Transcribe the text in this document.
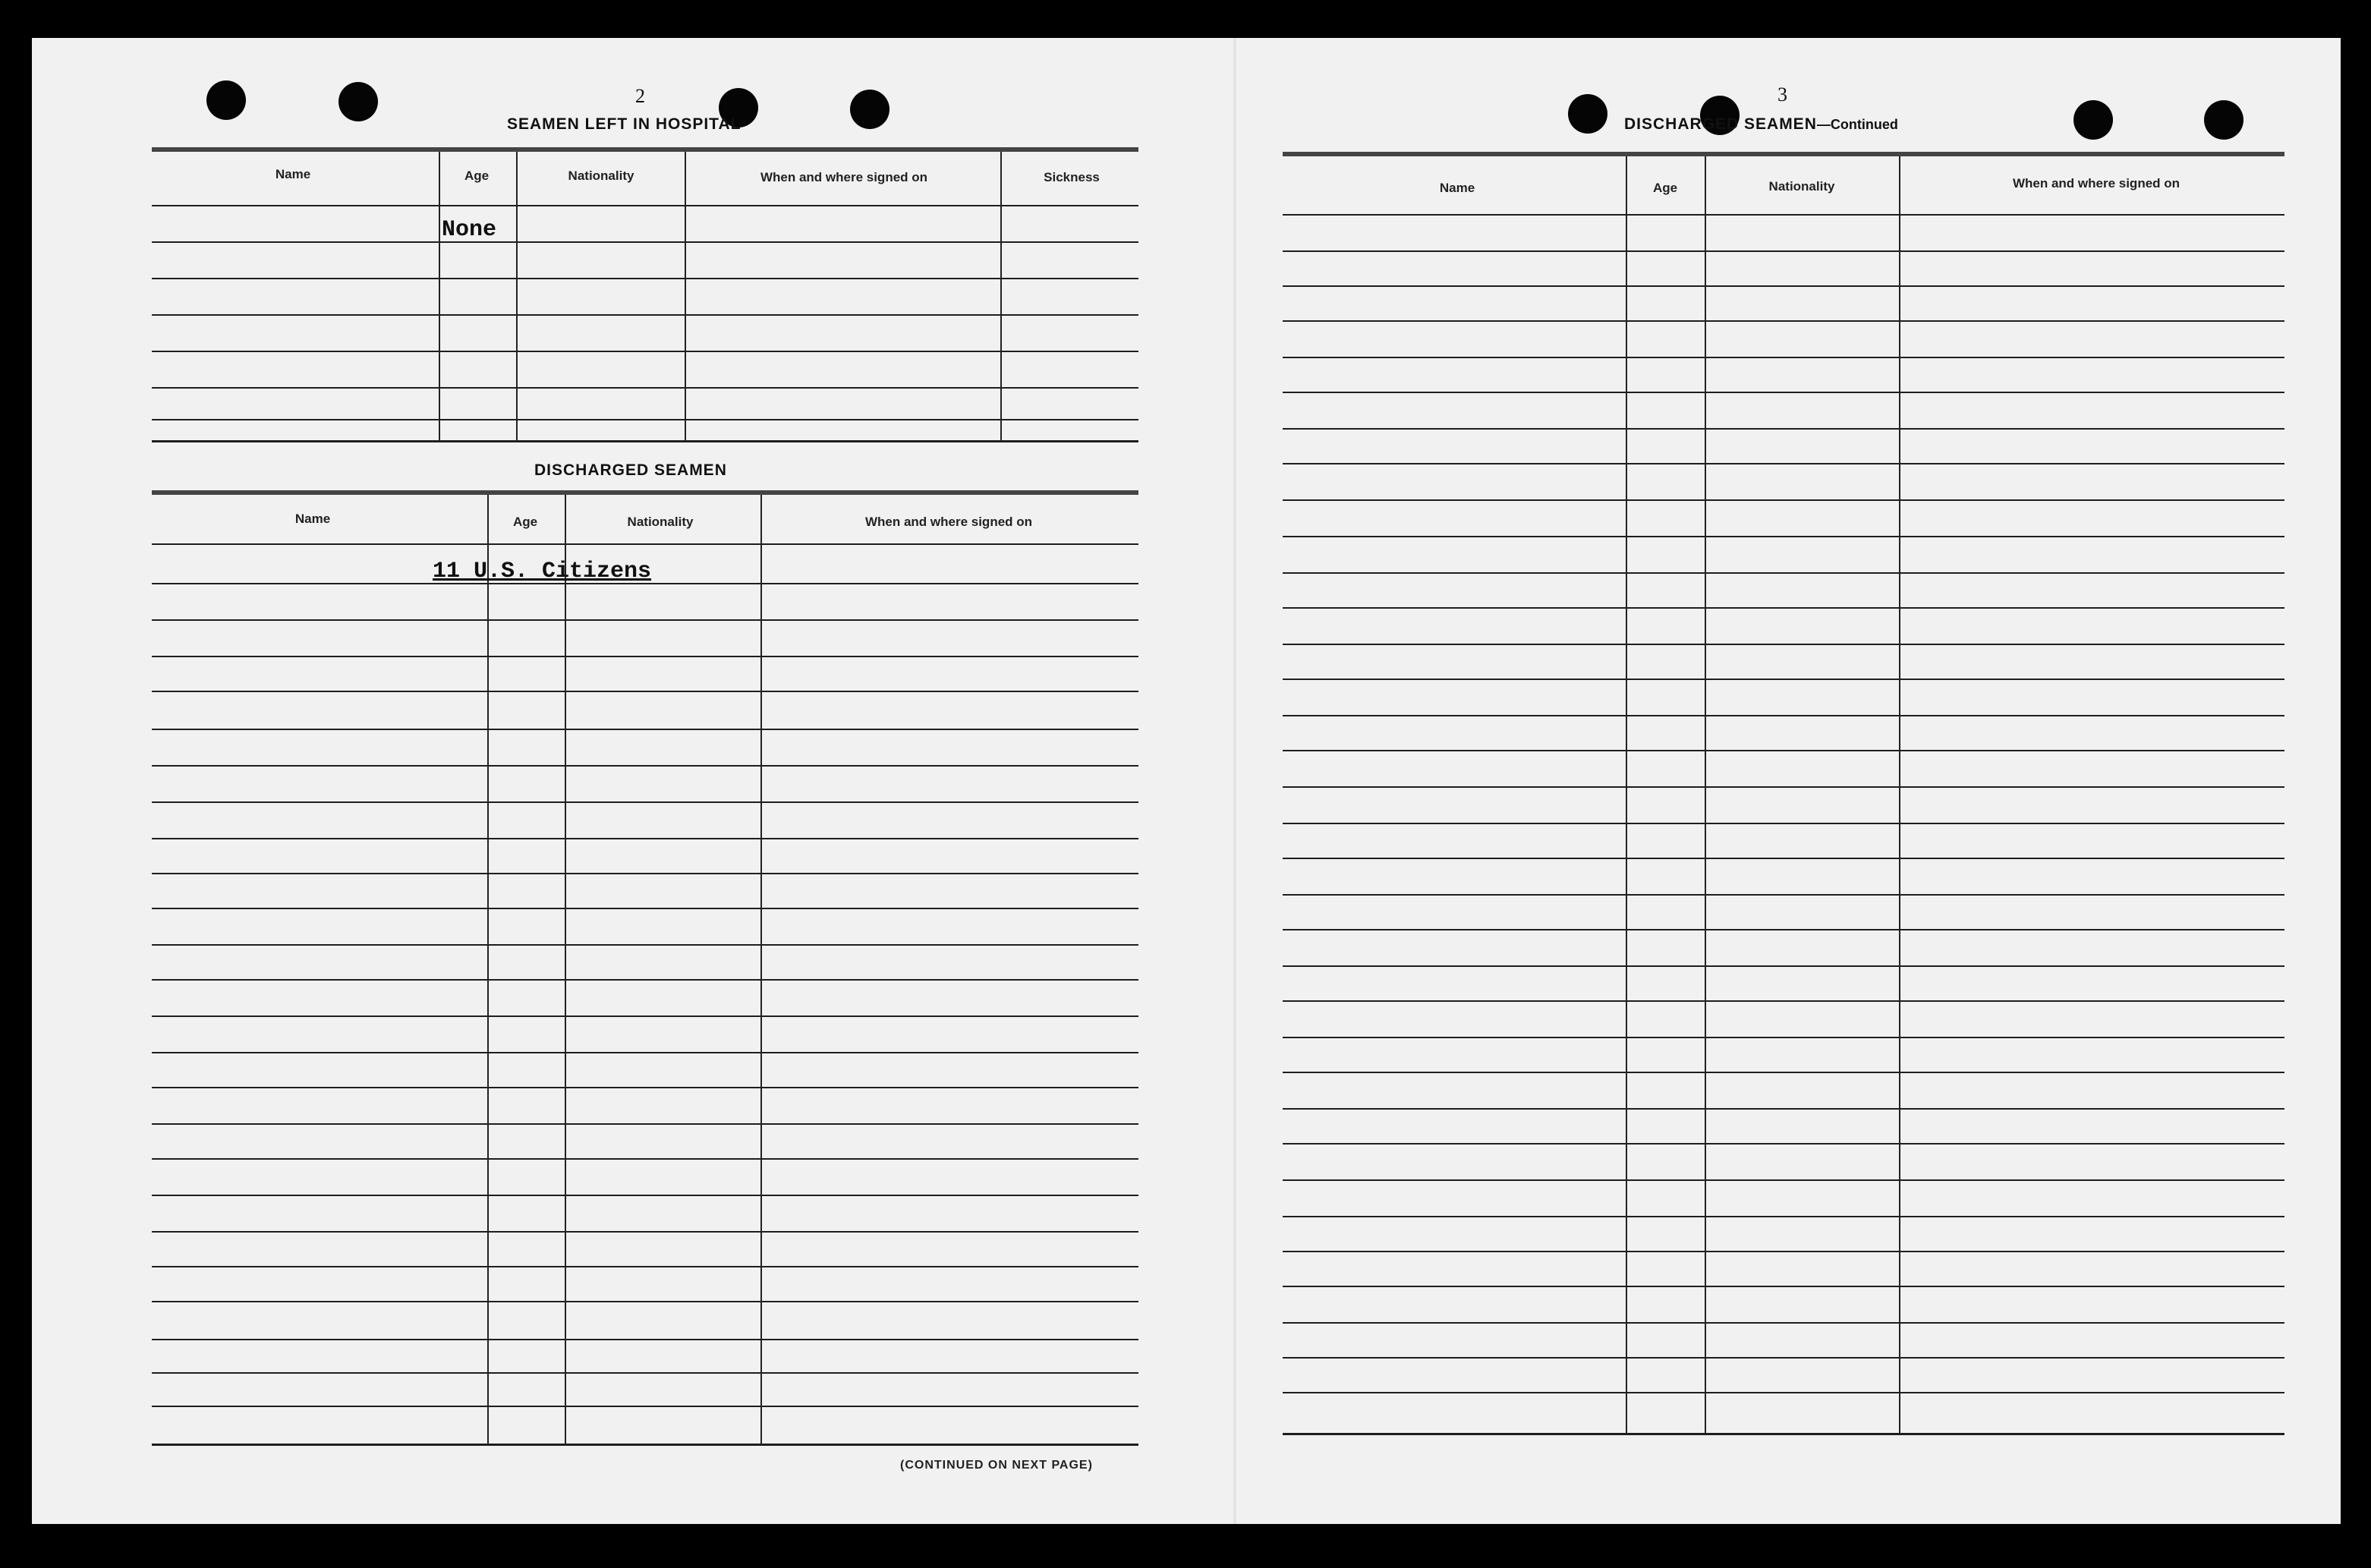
2
SEAMEN LEFT IN HOSPITAL
Name	Age	Nationality	When and where signed on	Sickness
None
DISCHARGED SEAMEN
Name	Age	Nationality	When and where signed on
11 U.S. Citizens
(CONTINUED ON NEXT PAGE)
3
DISCHARGED SEAMEN—Continued
Name	Age	Nationality	When and where signed on
